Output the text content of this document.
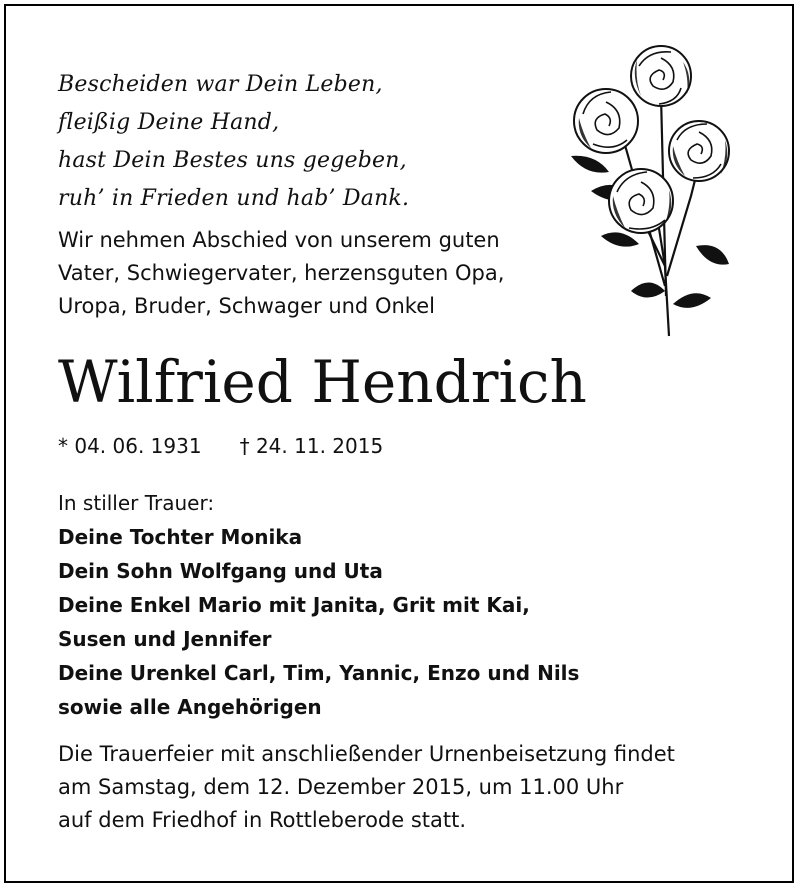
Bescheiden war Dein Leben,
fleißig Deine Hand,
hast Dein Bestes uns gegeben,
ruh’ in Frieden und hab’ Dank.
Wir nehmen Abschied von unserem guten
Vater, Schwiegervater, herzensguten Opa,
Uropa, Bruder, Schwager und Onkel
Wilfried Hendrich
* 04. 06. 1931 † 24. 11. 2015
In stiller Trauer:
Deine Tochter Monika
Dein Sohn Wolfgang und Uta
Deine Enkel Mario mit Janita, Grit mit Kai,
Susen und Jennifer
Deine Urenkel Carl, Tim, Yannic, Enzo und Nils
sowie alle Angehörigen
Die Trauerfeier mit anschließender Urnenbeisetzung findet
am Samstag, dem 12. Dezember 2015, um 11.00 Uhr
auf dem Friedhof in Rottleberode statt.
